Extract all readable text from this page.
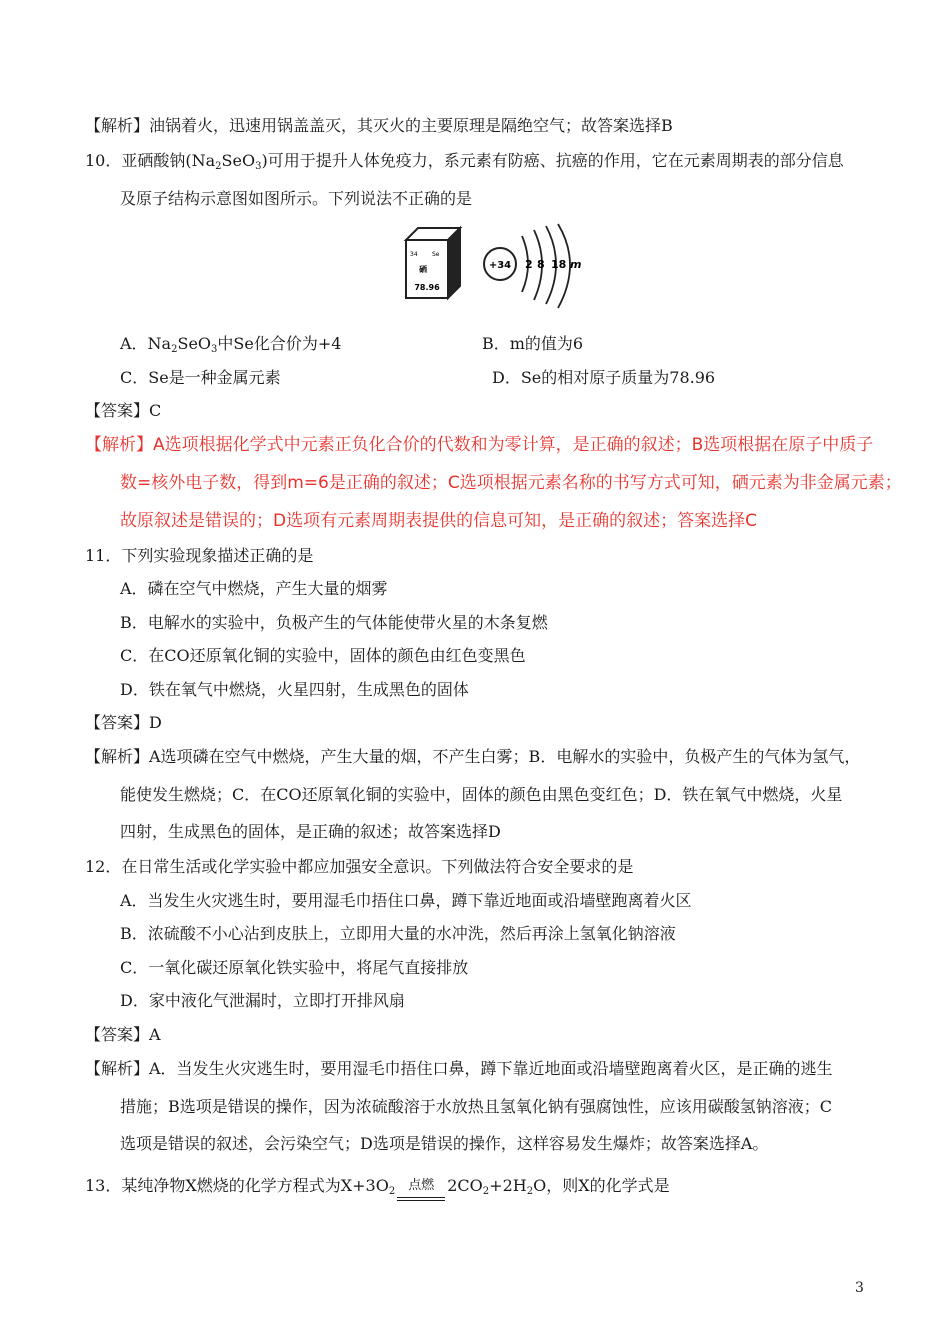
【解析】油锅着火，迅速用锅盖盖灭，其灭火的主要原理是隔绝空气；故答案选择B
10．亚硒酸钠$(Na_2SeO_3)$可用于提升人体免疫力，系元素有防癌、抗癌的作用，它在元素周期表的部分信息
及原子结构示意图如图所示。下列说法不正确的是
34 Se
硒
78.96
+34 2 8 18 m
A．$Na_2SeO_3$中Se化合价为+4	B．m的值为6
C．Se是一种金属元素	D．Se的相对原子质量为78.96
【答案】C
【解析】A选项根据化学式中元素正负化合价的代数和为零计算，是正确的叙述；B选项根据在原子中质子
数=核外电子数，得到m=6是正确的叙述；C选项根据元素名称的书写方式可知，硒元素为非金属元素；
故原叙述是错误的；D选项有元素周期表提供的信息可知，是正确的叙述；答案选择C
11．下列实验现象描述正确的是
A．磷在空气中燃烧，产生大量的烟雾
B．电解水的实验中，负极产生的气体能使带火星的木条复燃
C．在CO还原氧化铜的实验中，固体的颜色由红色变黑色
D．铁在氧气中燃烧，火星四射，生成黑色的固体
【答案】D
【解析】A选项磷在空气中燃烧，产生大量的烟，不产生白雾；B．电解水的实验中，负极产生的气体为氢气，
能使发生燃烧；C．在CO还原氧化铜的实验中，固体的颜色由黑色变红色；D．铁在氧气中燃烧，火星
四射，生成黑色的固体，是正确的叙述；故答案选择D
12．在日常生活或化学实验中都应加强安全意识。下列做法符合安全要求的是
A．当发生火灾逃生时，要用湿毛巾捂住口鼻，蹲下靠近地面或沿墙壁跑离着火区
B．浓硫酸不小心沾到皮肤上，立即用大量的水冲洗，然后再涂上氢氧化钠溶液
C．一氧化碳还原氧化铁实验中，将尾气直接排放
D．家中液化气泄漏时，立即打开排风扇
【答案】A
【解析】A．当发生火灾逃生时，要用湿毛巾捂住口鼻，蹲下靠近地面或沿墙壁跑离着火区，是正确的逃生
措施；B选项是错误的操作，因为浓硫酸溶于水放热且氢氧化钠有强腐蚀性，应该用碳酸氢钠溶液；C
选项是错误的叙述，会污染空气；D选项是错误的操作，这样容易发生爆炸；故答案选择A。
13．某纯净物X燃烧的化学方程式为$X+3O_2$ 点燃 $2CO_2+2H_2O$，则X的化学式是
3
